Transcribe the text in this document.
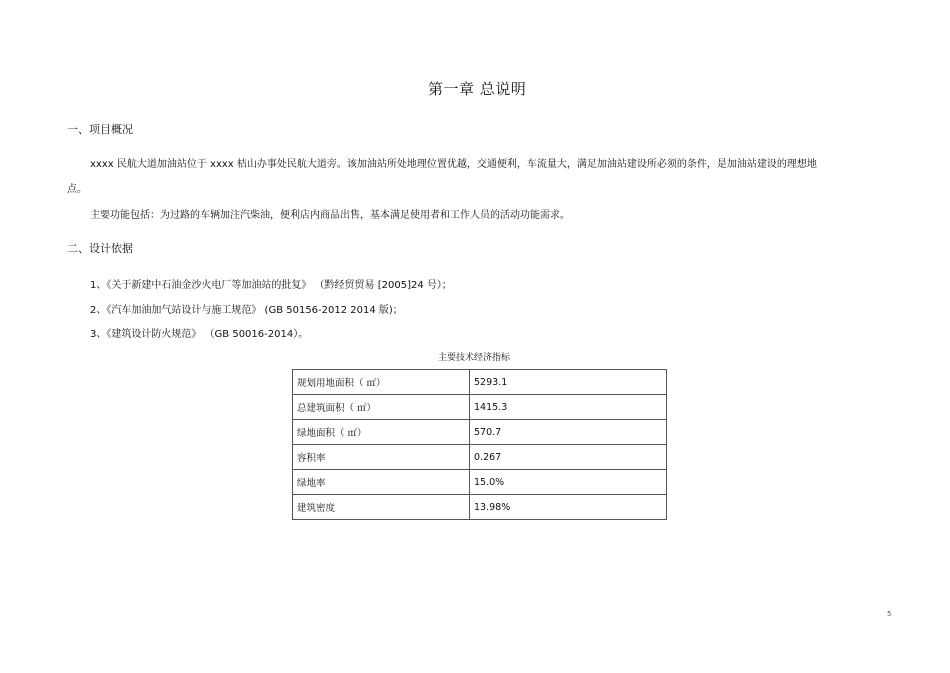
第一章 总说明
一、项目概况
xxxx 民航大道加油站位于 xxxx 桔山办事处民航大道旁。该加油站所处地理位置优越，交通便利，车流量大，满足加油站建设所必须的条件，是加油站建设的理想地
点。
主要功能包括：为过路的车辆加注汽柴油，便利店内商品出售，基本满足使用者和工作人员的活动功能需求。
二、设计依据
1、《关于新建中石油金沙火电厂等加油站的批复》 （黔经贸贸易 [2005]24 号）；
2、《汽车加油加气站设计与施工规范》 (GB 50156-2012 2014 版)；
3、《建筑设计防火规范》 （GB 50016-2014）。
主要技术经济指标
规划用地面积（ ㎡）	5293.1
总建筑面积（ ㎡）	1415.3
绿地面积（ ㎡）	570.7
容积率	0.267
绿地率	15.0%
建筑密度	13.98%
5
